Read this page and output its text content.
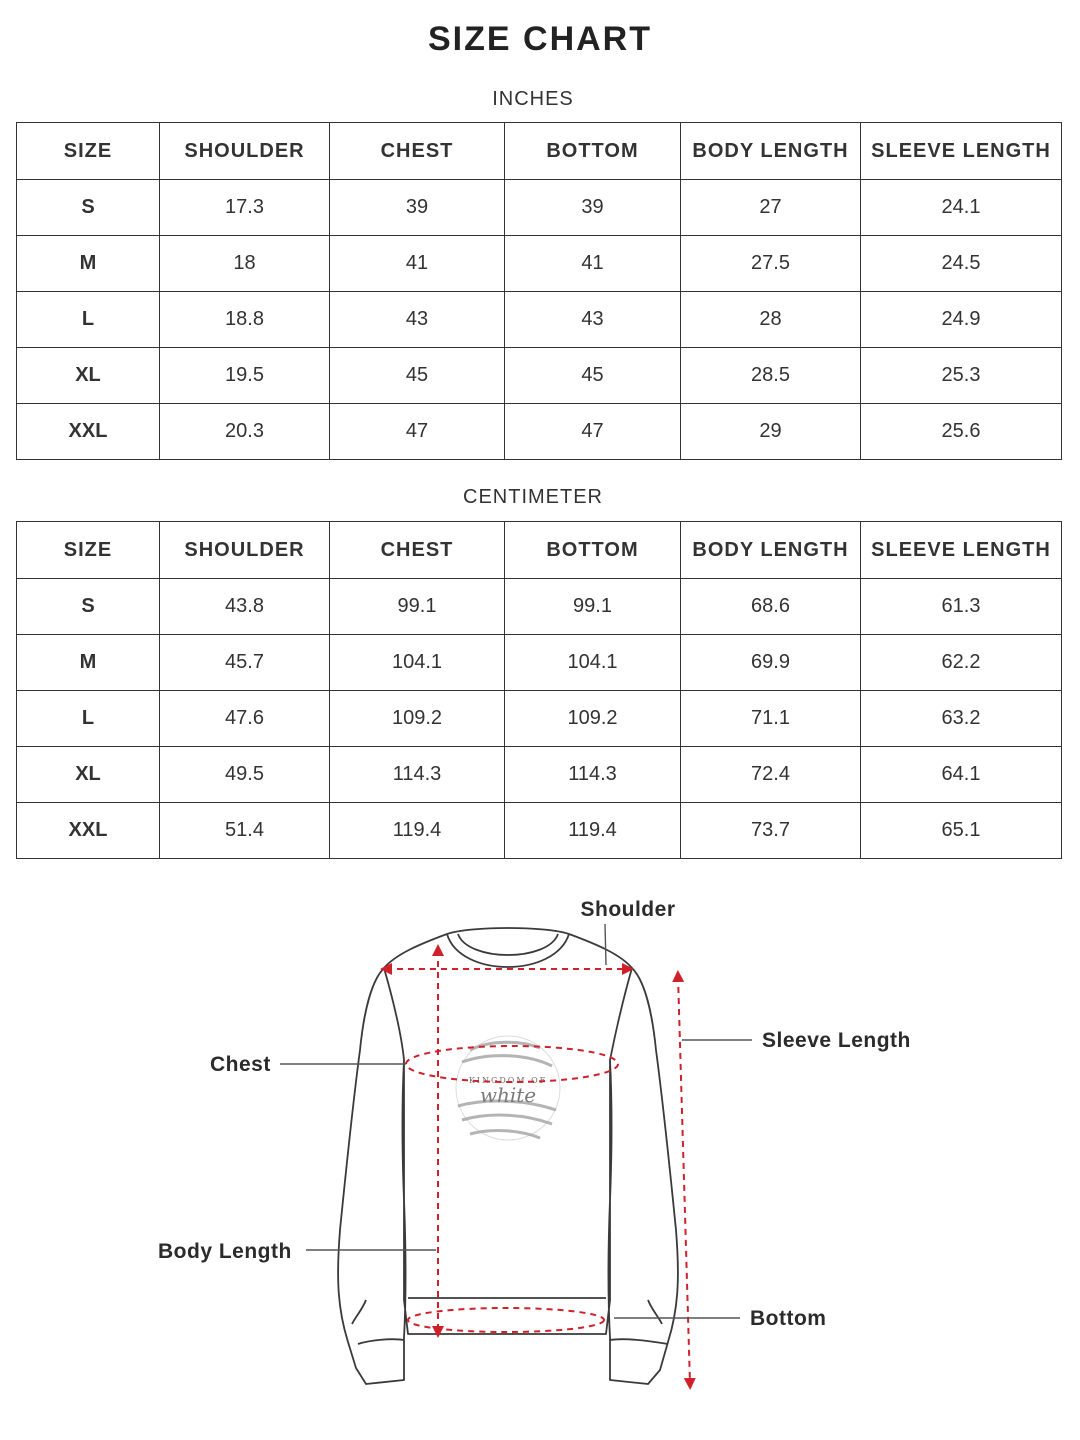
SIZE CHART
INCHES
SIZE	SHOULDER	CHEST	BOTTOM	BODY LENGTH	SLEEVE LENGTH
S	17.3	39	39	27	24.1
M	18	41	41	27.5	24.5
L	18.8	43	43	28	24.9
XL	19.5	45	45	28.5	25.3
XXL	20.3	47	47	29	25.6
CENTIMETER
SIZE	SHOULDER	CHEST	BOTTOM	BODY LENGTH	SLEEVE LENGTH
S	43.8	99.1	99.1	68.6	61.3
M	45.7	104.1	104.1	69.9	62.2
L	47.6	109.2	109.2	71.1	63.2
XL	49.5	114.3	114.3	72.4	64.1
XXL	51.4	119.4	119.4	73.7	65.1
KINGDOM OF
white
Shoulder
Sleeve Length
Chest
Body Length
Bottom
